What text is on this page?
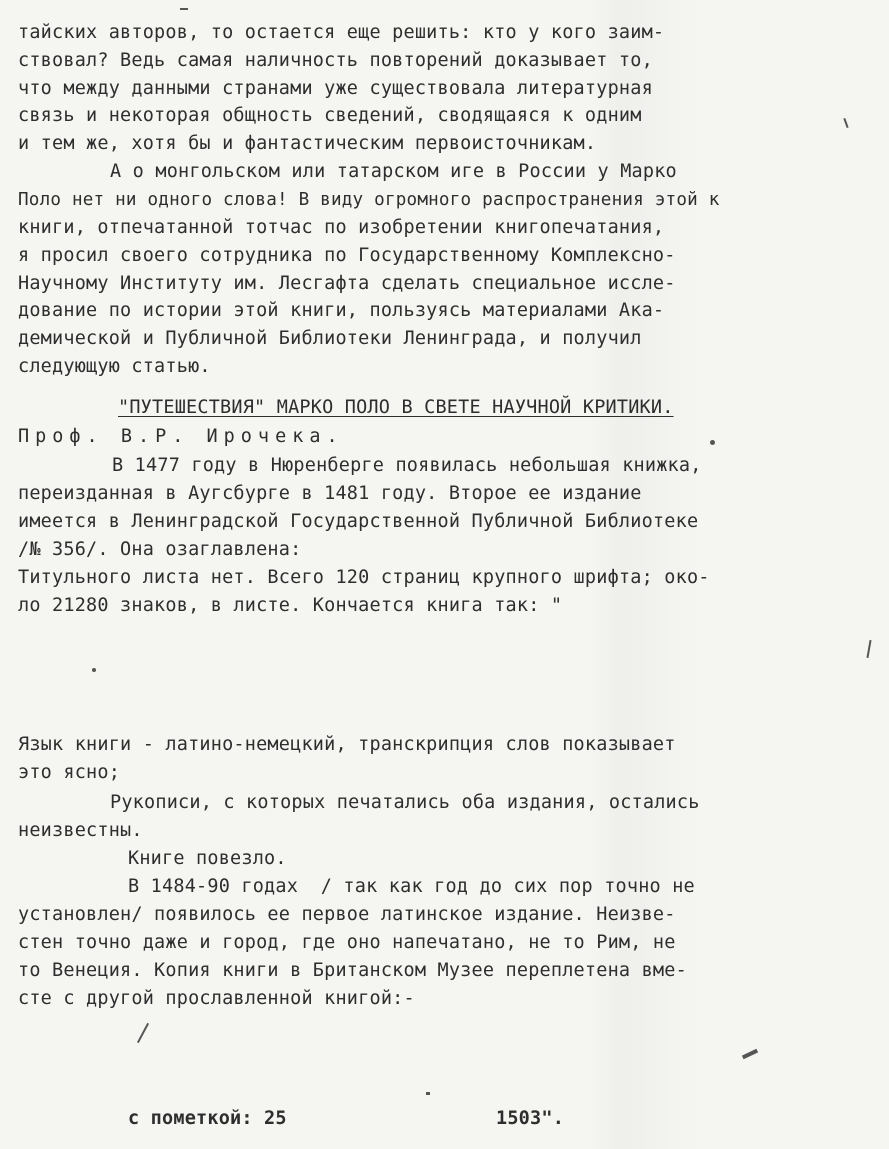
тайских авторов, то остается еще решить: кто у кого заим-
ствовал? Ведь самая наличность повторений доказывает то,
что между данными странами уже существовала литературная
связь и некоторая общность сведений, сводящаяся к одним
и тем же, хотя бы и фантастическим первоисточникам.
А о монгольском или татарском иге в России у Марко
Поло нет ни одного слова! В виду огромного распространения этой к
книги, отпечатанной тотчас по изобретении книгопечатания,
я просил своего сотрудника по Государственному Комплексно-
Научному Институту им. Лесгафта сделать специальное иссле-
дование по истории этой книги, пользуясь материалами Ака-
демической и Публичной Библиотеки Ленинграда, и получил
следующую статью.
"ПУТЕШЕСТВИЯ" МАРКО ПОЛО В СВЕТЕ НАУЧНОЙ КРИТИКИ.
Проф. В.Р. Ирочека.
В 1477 году в Нюренберге появилась небольшая книжка,
переизданная в Аугсбурге в 1481 году. Второе ее издание
имеется в Ленинградской Государственной Публичной Библиотеке
/№ 356/. Она озаглавлена:
Титульного листа нет. Всего 120 страниц крупного шрифта; око-
ло 21280 знаков, в листе. Кончается книга так: "
Язык книги - латино-немецкий, транскрипция слов показывает
это ясно;
Рукописи, с которых печатались оба издания, остались
неизвестны.
Книге повезло.
В 1484-90 годах  / так как год до сих пор точно не
установлен/ появилось ее первое латинское издание. Неизве-
стен точно даже и город, где оно напечатано, не то Рим, не
то Венеция. Копия книги в Британском Музее переплетена вме-
сте с другой прославленной книгой:-
с пометкой: 25	1503".
